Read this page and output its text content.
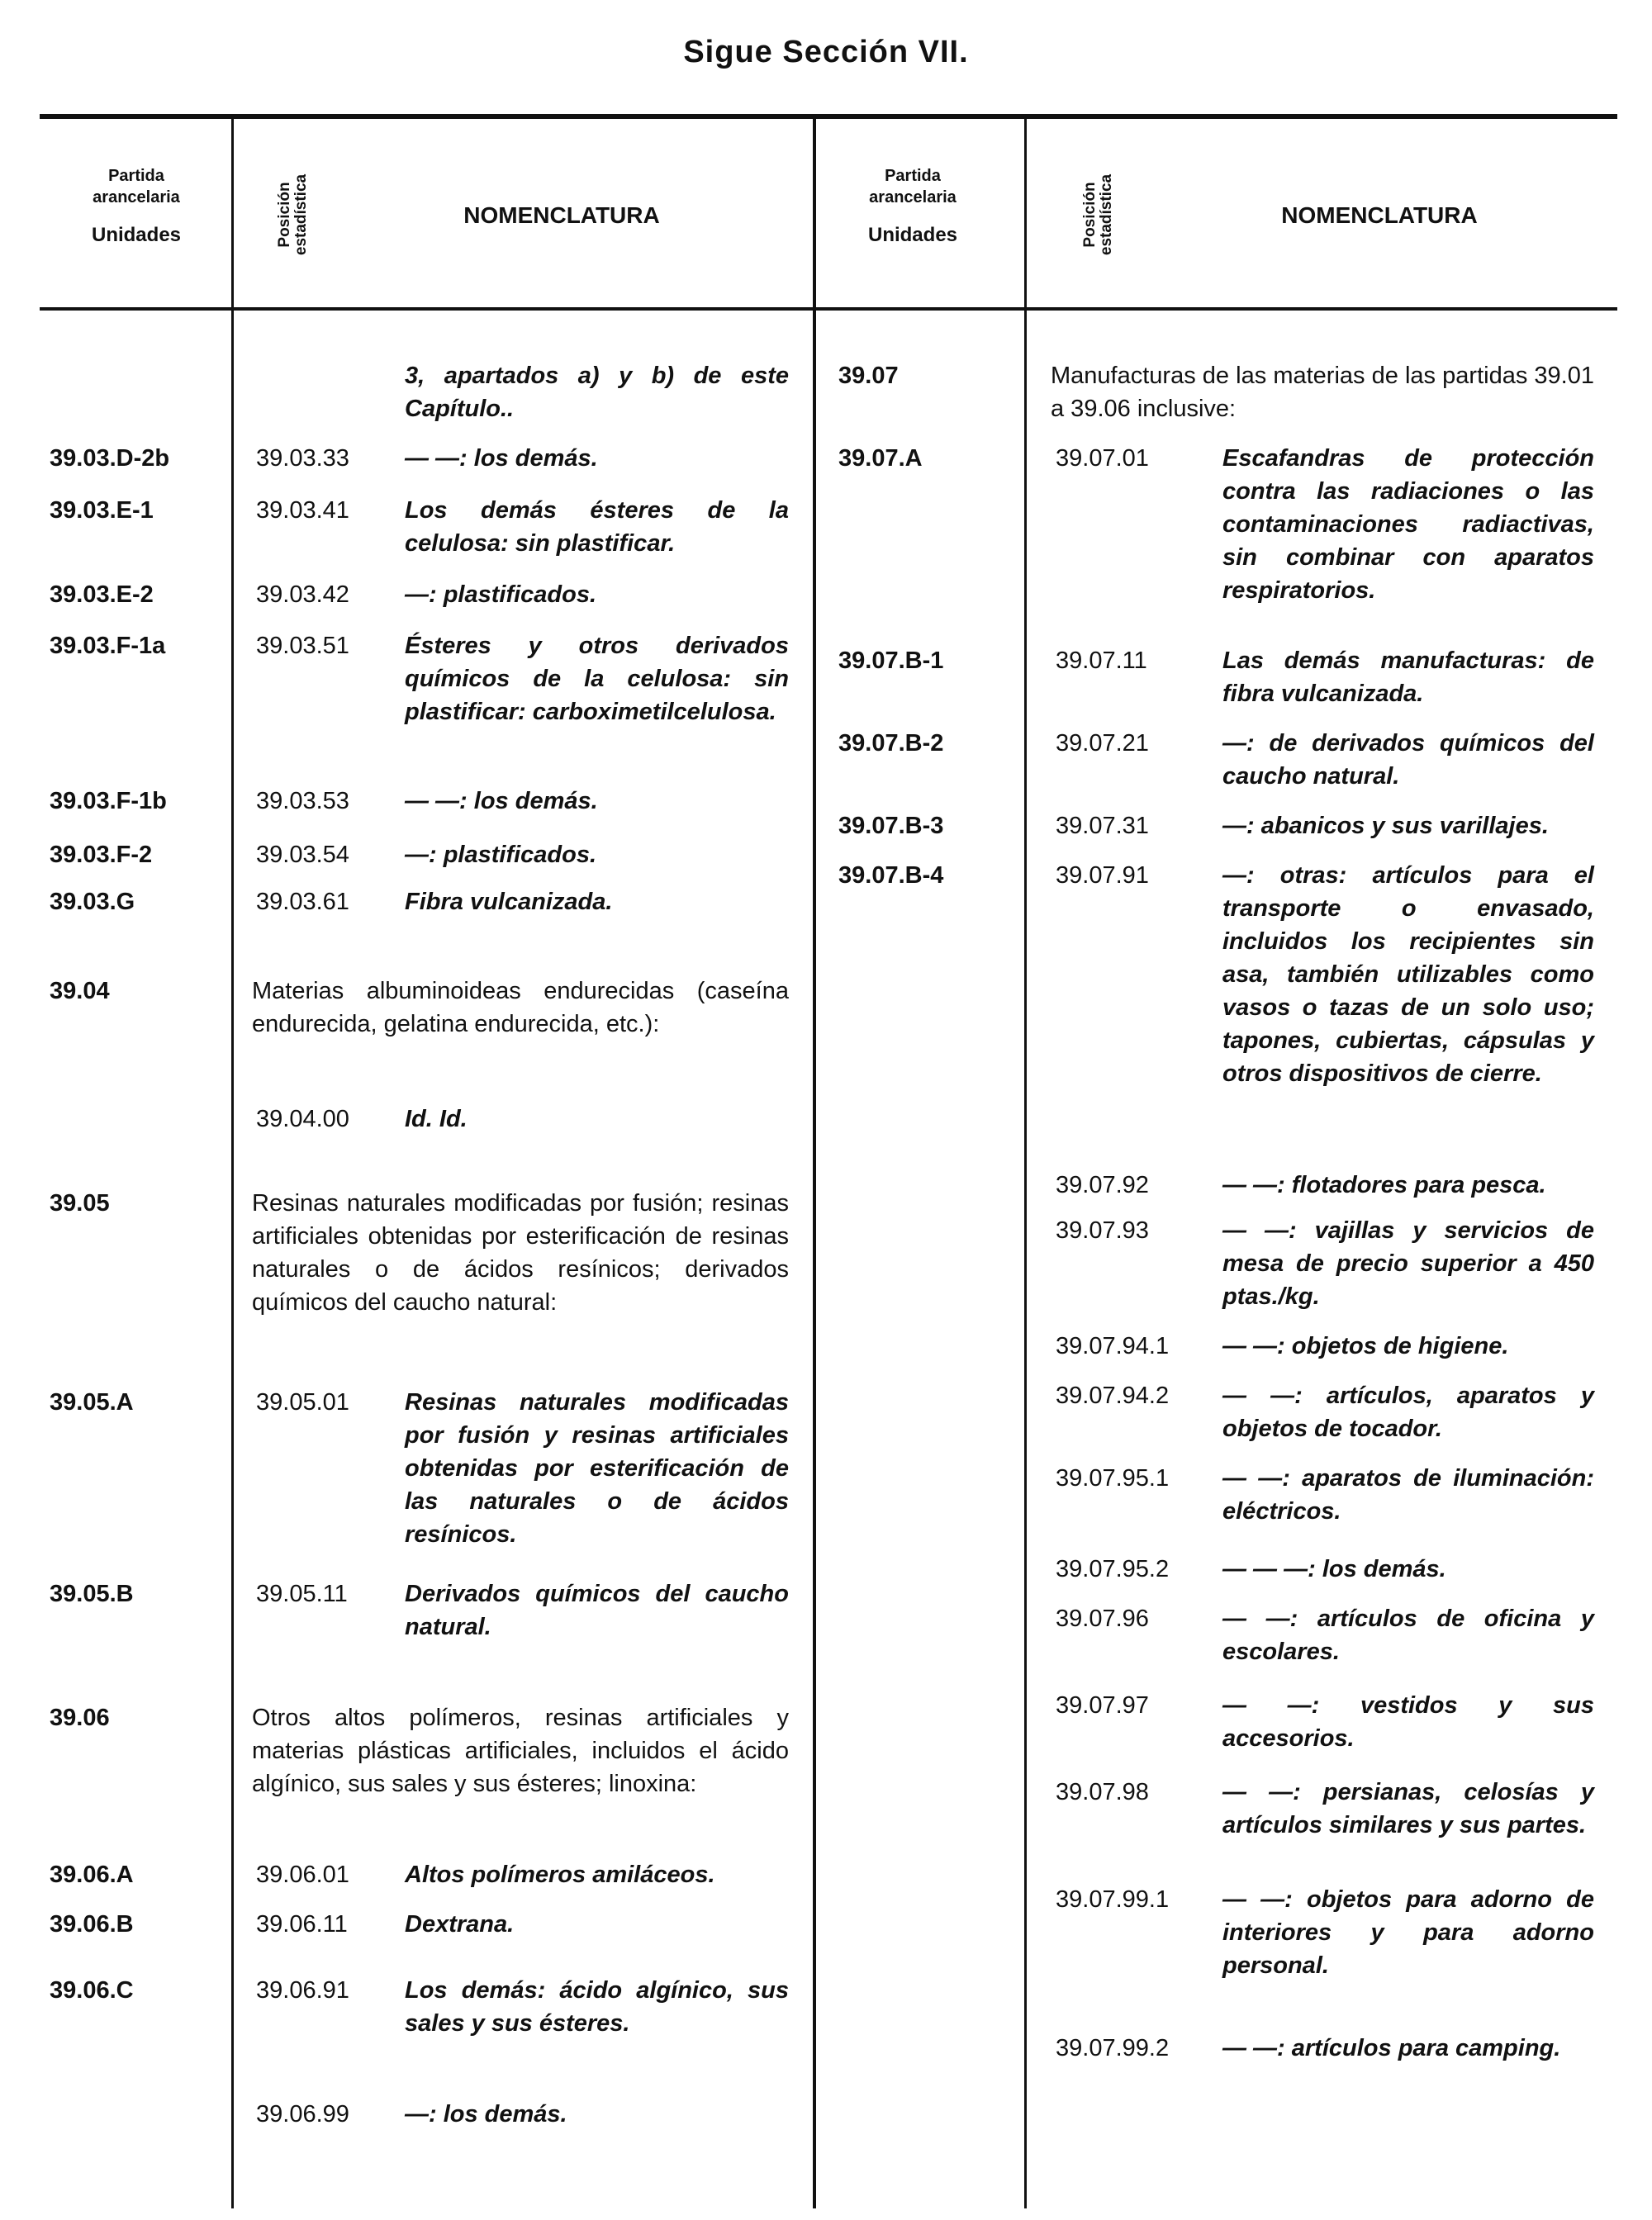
Sigue Sección VII.
Partida
arancelaria
Unidades	Posición
estadística	NOMENCLATURA
Partida
arancelaria
Unidades	Posición
estadística	NOMENCLATURA
3, apartados a) y b) de este Capítulo..
39.03.D-2b	39.03.33 — —: los demás.
39.03.E-1	39.03.41 Los demás ésteres de la celulosa: sin plastificar.
39.03.E-2	39.03.42 —: plastificados.
39.03.F-1a	39.03.51 Ésteres y otros derivados químicos de la celulosa: sin plastificar: carboximetilcelulosa.
39.03.F-1b	39.03.53 — —: los demás.
39.03.F-2	39.03.54 —: plastificados.
39.03.G	39.03.61 Fibra vulcanizada.
39.04	Materias albuminoideas endurecidas (caseína endurecida, gelatina endurecida, etc.):
39.04.00 Id. Id.
39.05	Resinas naturales modificadas por fusión; resinas artificiales obtenidas por esterificación de resinas naturales o de ácidos resínicos; derivados químicos del caucho natural:
39.05.A	39.05.01 Resinas naturales modificadas por fusión y resinas artificiales obtenidas por esterificación de las naturales o de ácidos resínicos.
39.05.B	39.05.11 Derivados químicos del caucho natural.
39.06	Otros altos polímeros, resinas artificiales y materias plásticas artificiales, incluidos el ácido algínico, sus sales y sus ésteres; linoxina:
39.06.A	39.06.01 Altos polímeros amiláceos.
39.06.B	39.06.11 Dextrana.
39.06.C	39.06.91 Los demás: ácido algínico, sus sales y sus ésteres.
39.06.99 —: los demás.
39.07	Manufacturas de las materias de las partidas 39.01 a 39.06 inclusive:
39.07.A	39.07.01	Escafandras de protección contra las radiaciones o las contaminaciones radiactivas, sin combinar con aparatos respiratorios.
39.07.B-1	39.07.11	Las demás manufacturas: de fibra vulcanizada.
39.07.B-2	39.07.21	—: de derivados químicos del caucho natural.
39.07.B-3	39.07.31	—: abanicos y sus varillajes.
39.07.B-4	39.07.91	—: otras: artículos para el transporte o envasado, incluidos los recipientes sin asa, también utilizables como vasos o tazas de un solo uso; tapones, cubiertas, cápsulas y otros dispositivos de cierre.
39.07.92	— —: flotadores para pesca.
39.07.93	— —: vajillas y servicios de mesa de precio superior a 450 ptas./kg.
39.07.94.1 — —: objetos de higiene.
39.07.94.2 — —: artículos, aparatos y objetos de tocador.
39.07.95.1 — —: aparatos de iluminación: eléctricos.
39.07.95.2 — — —: los demás.
39.07.96	— —: artículos de oficina y escolares.
39.07.97	— —: vestidos y sus accesorios.
39.07.98	— —: persianas, celosías y artículos similares y sus partes.
39.07.99.1 — —: objetos para adorno de interiores y para adorno personal.
39.07.99.2 — —: artículos para camping.
